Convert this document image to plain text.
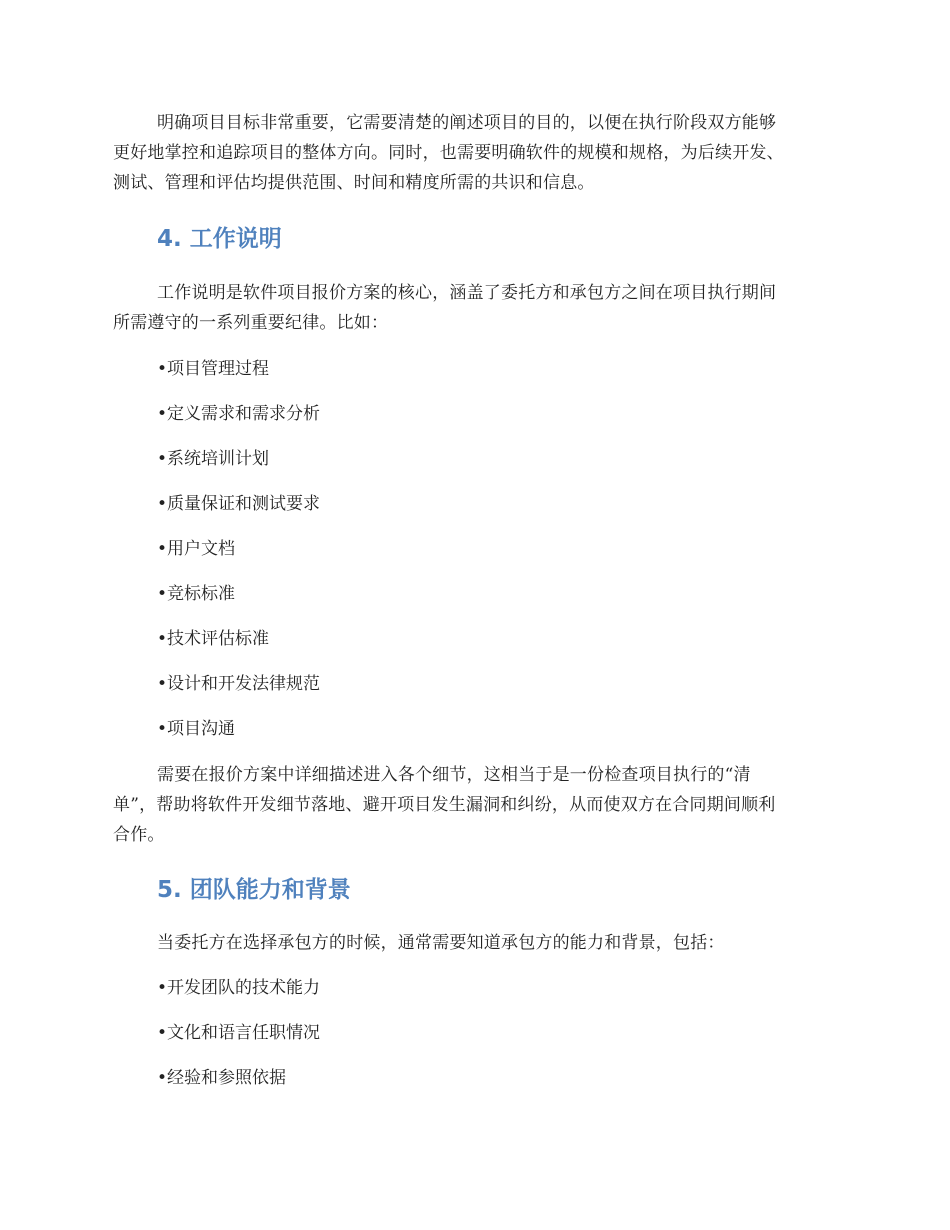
明确项目目标非常重要，它需要清楚的阐述项目的目的，以便在执行阶段双方能够
更好地掌控和追踪项目的整体方向。同时，也需要明确软件的规模和规格，为后续开发、
测试、管理和评估均提供范围、时间和精度所需的共识和信息。

4. 工作说明

工作说明是软件项目报价方案的核心，涵盖了委托方和承包方之间在项目执行期间
所需遵守的一系列重要纪律。比如：

•项目管理过程
•定义需求和需求分析
•系统培训计划
•质量保证和测试要求
•用户文档
•竞标标准
•技术评估标准
•设计和开发法律规范
•项目沟通

需要在报价方案中详细描述进入各个细节，这相当于是一份检查项目执行的“清
单”，帮助将软件开发细节落地、避开项目发生漏洞和纠纷，从而使双方在合同期间顺利
合作。

5. 团队能力和背景

当委托方在选择承包方的时候，通常需要知道承包方的能力和背景，包括：

•开发团队的技术能力
•文化和语言任职情况
•经验和参照依据
